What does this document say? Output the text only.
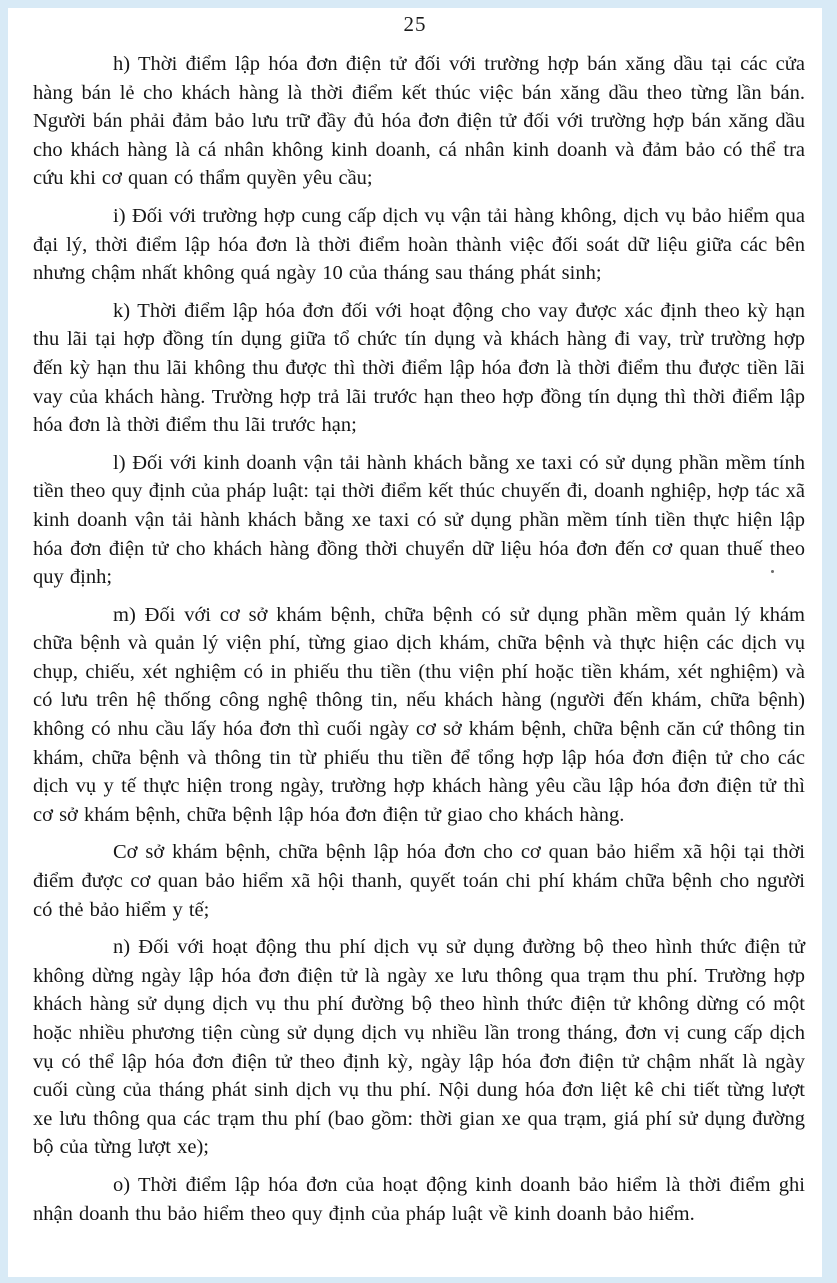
25

h) Thời điểm lập hóa đơn điện tử đối với trường hợp bán xăng dầu tại các cửa hàng bán lẻ cho khách hàng là thời điểm kết thúc việc bán xăng dầu theo từng lần bán. Người bán phải đảm bảo lưu trữ đầy đủ hóa đơn điện tử đối với trường hợp bán xăng dầu cho khách hàng là cá nhân không kinh doanh, cá nhân kinh doanh và đảm bảo có thể tra cứu khi cơ quan có thẩm quyền yêu cầu;

i) Đối với trường hợp cung cấp dịch vụ vận tải hàng không, dịch vụ bảo hiểm qua đại lý, thời điểm lập hóa đơn là thời điểm hoàn thành việc đối soát dữ liệu giữa các bên nhưng chậm nhất không quá ngày 10 của tháng sau tháng phát sinh;

k) Thời điểm lập hóa đơn đối với hoạt động cho vay được xác định theo kỳ hạn thu lãi tại hợp đồng tín dụng giữa tổ chức tín dụng và khách hàng đi vay, trừ trường hợp đến kỳ hạn thu lãi không thu được thì thời điểm lập hóa đơn là thời điểm thu được tiền lãi vay của khách hàng. Trường hợp trả lãi trước hạn theo hợp đồng tín dụng thì thời điểm lập hóa đơn là thời điểm thu lãi trước hạn;

l) Đối với kinh doanh vận tải hành khách bằng xe taxi có sử dụng phần mềm tính tiền theo quy định của pháp luật: tại thời điểm kết thúc chuyến đi, doanh nghiệp, hợp tác xã kinh doanh vận tải hành khách bằng xe taxi có sử dụng phần mềm tính tiền thực hiện lập hóa đơn điện tử cho khách hàng đồng thời chuyển dữ liệu hóa đơn đến cơ quan thuế theo quy định;

m) Đối với cơ sở khám bệnh, chữa bệnh có sử dụng phần mềm quản lý khám chữa bệnh và quản lý viện phí, từng giao dịch khám, chữa bệnh và thực hiện các dịch vụ chụp, chiếu, xét nghiệm có in phiếu thu tiền (thu viện phí hoặc tiền khám, xét nghiệm) và có lưu trên hệ thống công nghệ thông tin, nếu khách hàng (người đến khám, chữa bệnh) không có nhu cầu lấy hóa đơn thì cuối ngày cơ sở khám bệnh, chữa bệnh căn cứ thông tin khám, chữa bệnh và thông tin từ phiếu thu tiền để tổng hợp lập hóa đơn điện tử cho các dịch vụ y tế thực hiện trong ngày, trường hợp khách hàng yêu cầu lập hóa đơn điện tử thì cơ sở khám bệnh, chữa bệnh lập hóa đơn điện tử giao cho khách hàng.

Cơ sở khám bệnh, chữa bệnh lập hóa đơn cho cơ quan bảo hiểm xã hội tại thời điểm được cơ quan bảo hiểm xã hội thanh, quyết toán chi phí khám chữa bệnh cho người có thẻ bảo hiểm y tế;

n) Đối với hoạt động thu phí dịch vụ sử dụng đường bộ theo hình thức điện tử không dừng ngày lập hóa đơn điện tử là ngày xe lưu thông qua trạm thu phí. Trường hợp khách hàng sử dụng dịch vụ thu phí đường bộ theo hình thức điện tử không dừng có một hoặc nhiều phương tiện cùng sử dụng dịch vụ nhiều lần trong tháng, đơn vị cung cấp dịch vụ có thể lập hóa đơn điện tử theo định kỳ, ngày lập hóa đơn điện tử chậm nhất là ngày cuối cùng của tháng phát sinh dịch vụ thu phí. Nội dung hóa đơn liệt kê chi tiết từng lượt xe lưu thông qua các trạm thu phí (bao gồm: thời gian xe qua trạm, giá phí sử dụng đường bộ của từng lượt xe);

o) Thời điểm lập hóa đơn của hoạt động kinh doanh bảo hiểm là thời điểm ghi nhận doanh thu bảo hiểm theo quy định của pháp luật về kinh doanh bảo hiểm.
